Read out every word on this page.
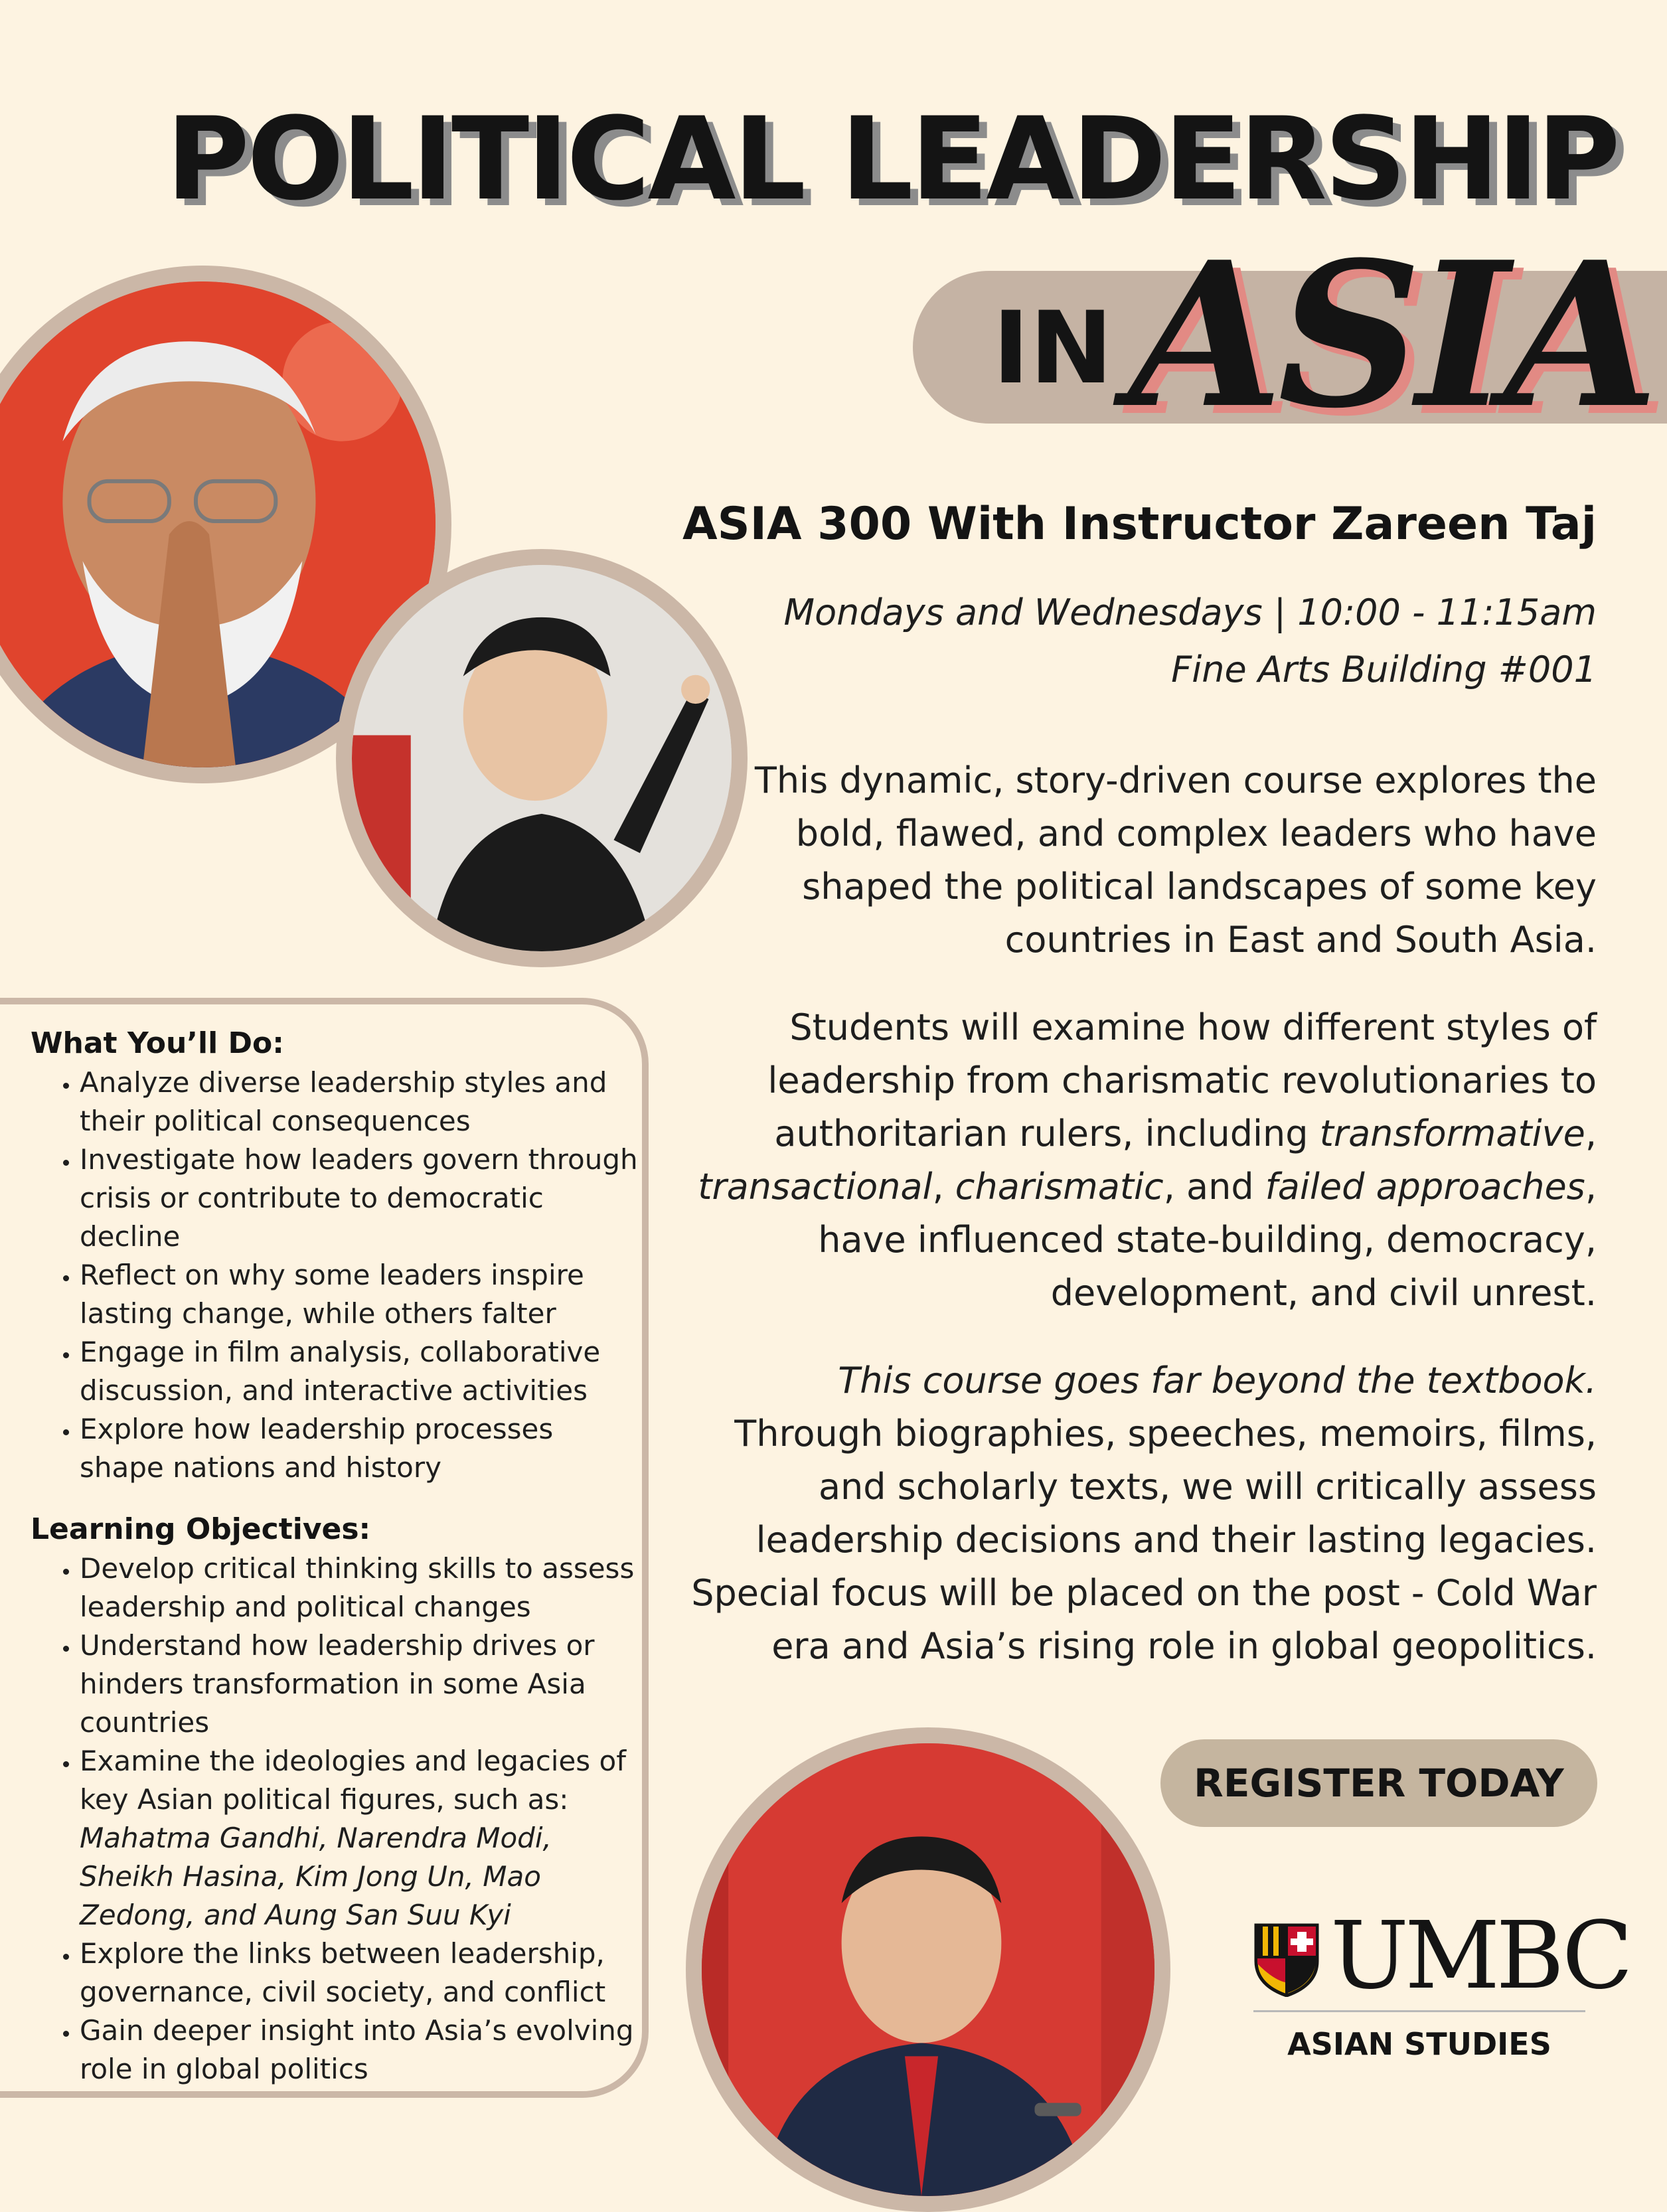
POLITICAL LEADERSHIP
IN ASIA
ASIA 300 With Instructor Zareen Taj
Mondays and Wednesdays | 10:00 - 11:15am
Fine Arts Building #001

This dynamic, story-driven course explores the bold, flawed, and complex leaders who have shaped the political landscapes of some key countries in East and South Asia.

Students will examine how different styles of leadership from charismatic revolutionaries to authoritarian rulers, including transformative, transactional, charismatic, and failed approaches, have influenced state-building, democracy, development, and civil unrest.

This course goes far beyond the textbook. Through biographies, speeches, memoirs, films, and scholarly texts, we will critically assess leadership decisions and their lasting legacies. Special focus will be placed on the post - Cold War era and Asia’s rising role in global geopolitics.

REGISTER TODAY
UMBC
ASIAN STUDIES
What You’ll Do:
• Analyze diverse leadership styles and their political consequences
• Investigate how leaders govern through crisis or contribute to democratic decline
• Reflect on why some leaders inspire lasting change, while others falter
• Engage in film analysis, collaborative discussion, and interactive activities
• Explore how leadership processes shape nations and history
Learning Objectives:
• Develop critical thinking skills to assess leadership and political changes
• Understand how leadership drives or hinders transformation in some Asia countries
• Examine the ideologies and legacies of key Asian political figures, such as: Mahatma Gandhi, Narendra Modi, Sheikh Hasina, Kim Jong Un, Mao Zedong, and Aung San Suu Kyi
• Explore the links between leadership, governance, civil society, and conflict
• Gain deeper insight into Asia’s evolving role in global politics
